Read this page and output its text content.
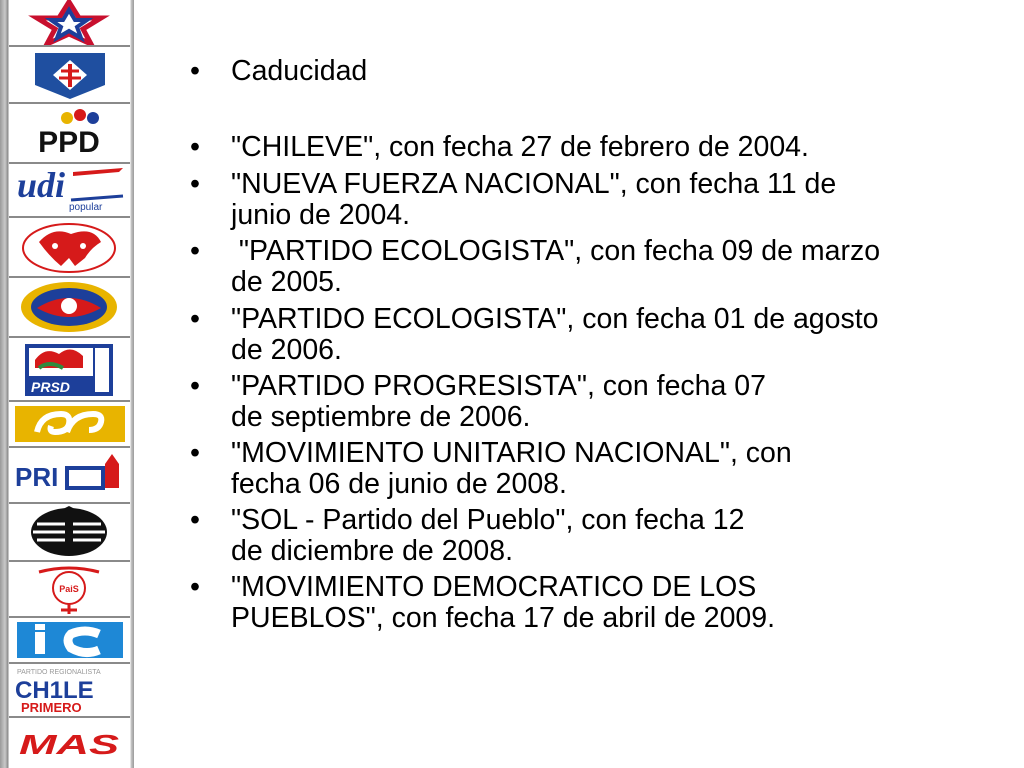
PPD
udi
popular
PRSD
PRI
PaiS
PARTIDO REGIONALISTA
CH1LE
PRIMERO
MAS
• Caducidad
• "CHILEVE", con fecha 27 de febrero de 2004.
• "NUEVA FUERZA NACIONAL", con fecha 11 de
junio de 2004.
• "PARTIDO ECOLOGISTA", con fecha 09 de marzo
de 2005.
• "PARTIDO ECOLOGISTA", con fecha 01 de agosto
de 2006.
• "PARTIDO PROGRESISTA", con fecha 07
de septiembre de 2006.
• "MOVIMIENTO UNITARIO NACIONAL", con
fecha 06 de junio de 2008.
• "SOL - Partido del Pueblo", con fecha 12
de diciembre de 2008.
• "MOVIMIENTO DEMOCRATICO DE LOS
PUEBLOS", con fecha 17 de abril de 2009.
